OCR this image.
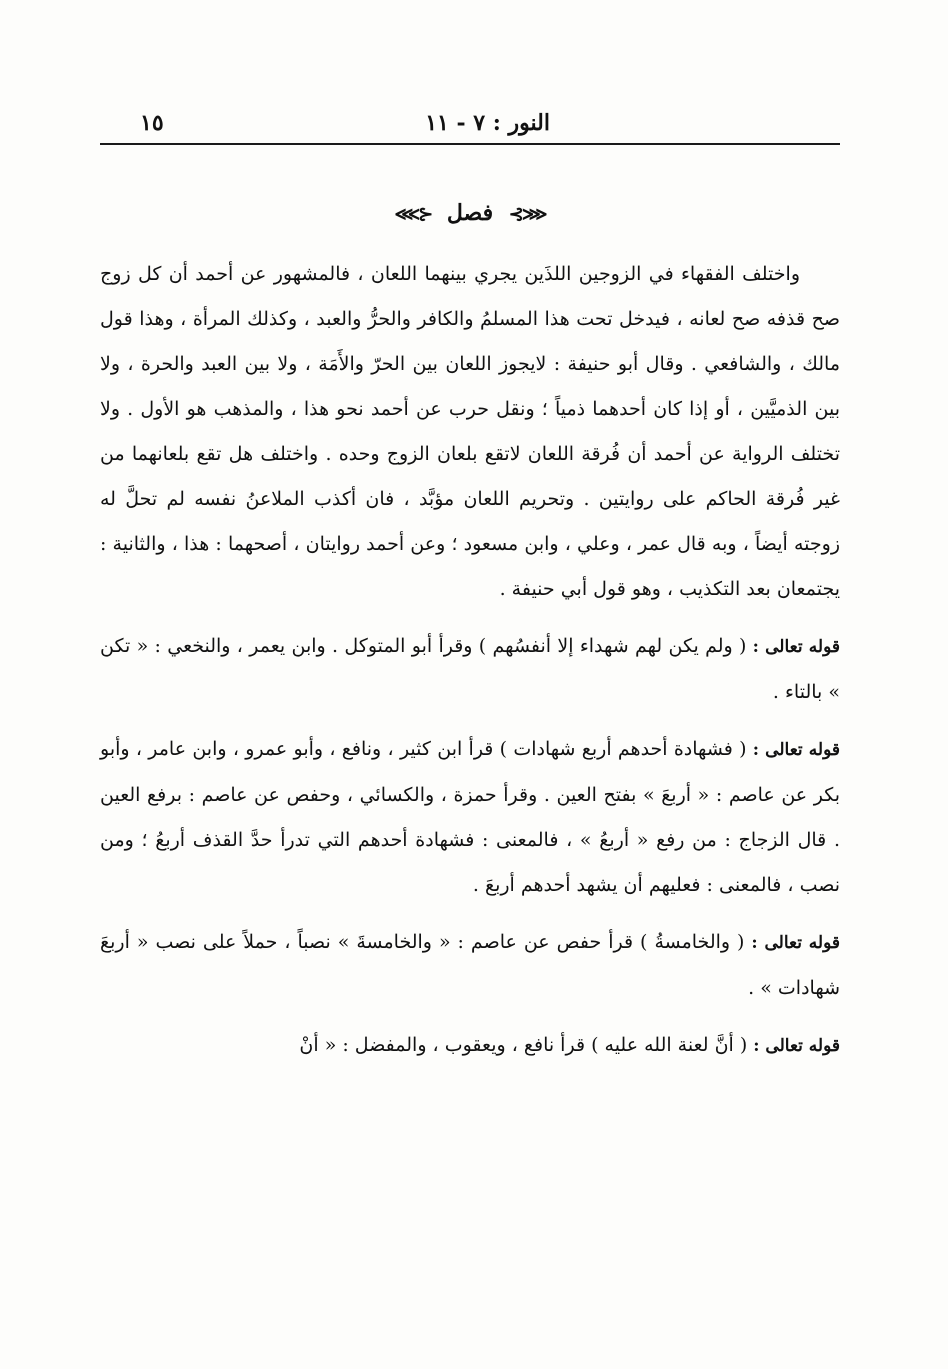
النور : ٧ - ١١
١٥
⋘⊱ فصل ⊰⋙

واختلف الفقهاء في الزوجين اللذَين يجري بينهما اللعان ، فالمشهور عن أحمد أن كل زوج صح قذفه صح لعانه ، فيدخل تحت هذا المسلمُ والكافر والحرُّ والعبد ، وكذلك المرأة ، وهذا قول مالك ، والشافعي . وقال أبو حنيفة : لايجوز اللعان بين الحرّ والأَمَة ، ولا بين العبد والحرة ، ولا بين الذميَّين ، أو إذا كان أحدهما ذمياً ؛ ونقل حرب عن أحمد نحو هذا ، والمذهب هو الأول . ولا تختلف الرواية عن أحمد أن فُرقة اللعان لاتقع بلعان الزوج وحده . واختلف هل تقع بلعانهما من غير فُرقة الحاكم على روايتين . وتحريم اللعان مؤبَّد ، فان أكذب الملاعنُ نفسه لم تحلَّ له زوجته أيضاً ، وبه قال عمر ، وعلي ، وابن مسعود ؛ وعن أحمد روايتان ، أصحهما : هذا ، والثانية : يجتمعان بعد التكذيب ، وهو قول أبي حنيفة .

قوله تعالى :( ولم يكن لهم شهداء إلا أنفسُهم ) وقرأ أبو المتوكل . وابن يعمر ، والنخعي : « تكن » بالتاء .

قوله تعالى :( فشهادة أحدهم أربع شهادات ) قرأ ابن كثير ، ونافع ، وأبو عمرو ، وابن عامر ، وأبو بكر عن عاصم : « أربعَ » بفتح العين . وقرأ حمزة ، والكسائي ، وحفص عن عاصم : برفع العين . قال الزجاج : من رفع « أربعُ » ، فالمعنى : فشهادة أحدهم التي تدرأ حدَّ القذف أربعُ ؛ ومن نصب ، فالمعنى : فعليهم أن يشهد أحدهم أربعَ .

قوله تعالى :( والخامسةُ ) قرأ حفص عن عاصم : « والخامسةَ » نصباً ، حملاً على نصب « أربعَ شهادات » .

قوله تعالى :( أنَّ لعنة الله عليه ) قرأ نافع ، ويعقوب ، والمفضل : « أنْ
